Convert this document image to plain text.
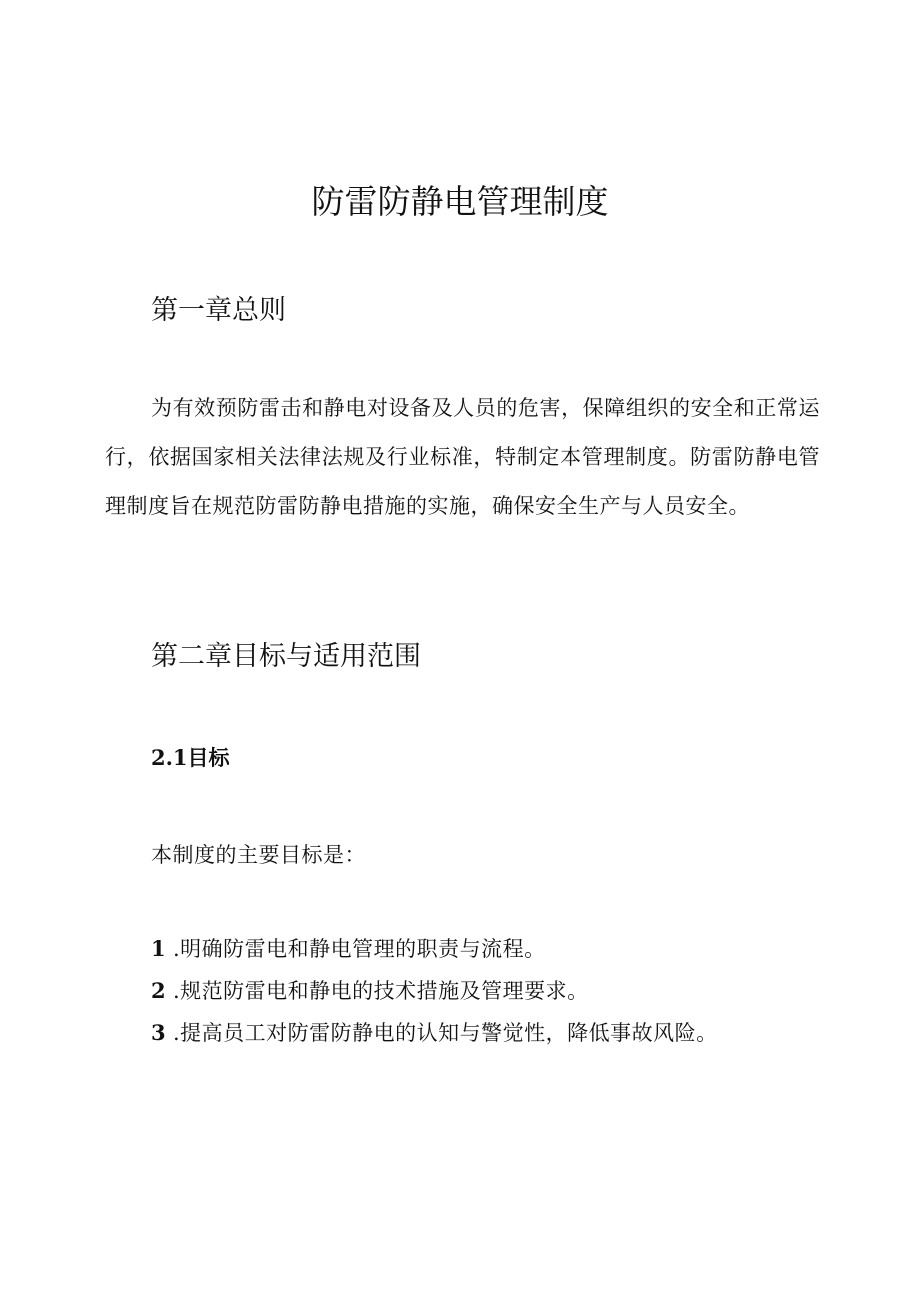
防雷防静电管理制度
第一章总则

为有效预防雷击和静电对设备及人员的危害，保障组织的安全和正常运行，依据国家相关法律法规及行业标准，特制定本管理制度。防雷防静电管理制度旨在规范防雷防静电措施的实施，确保安全生产与人员安全。

第二章目标与适用范围
2.1目标

本制度的主要目标是：

1 .明确防雷电和静电管理的职责与流程。
2 .规范防雷电和静电的技术措施及管理要求。
3 .提高员工对防雷防静电的认知与警觉性，降低事故风险。
